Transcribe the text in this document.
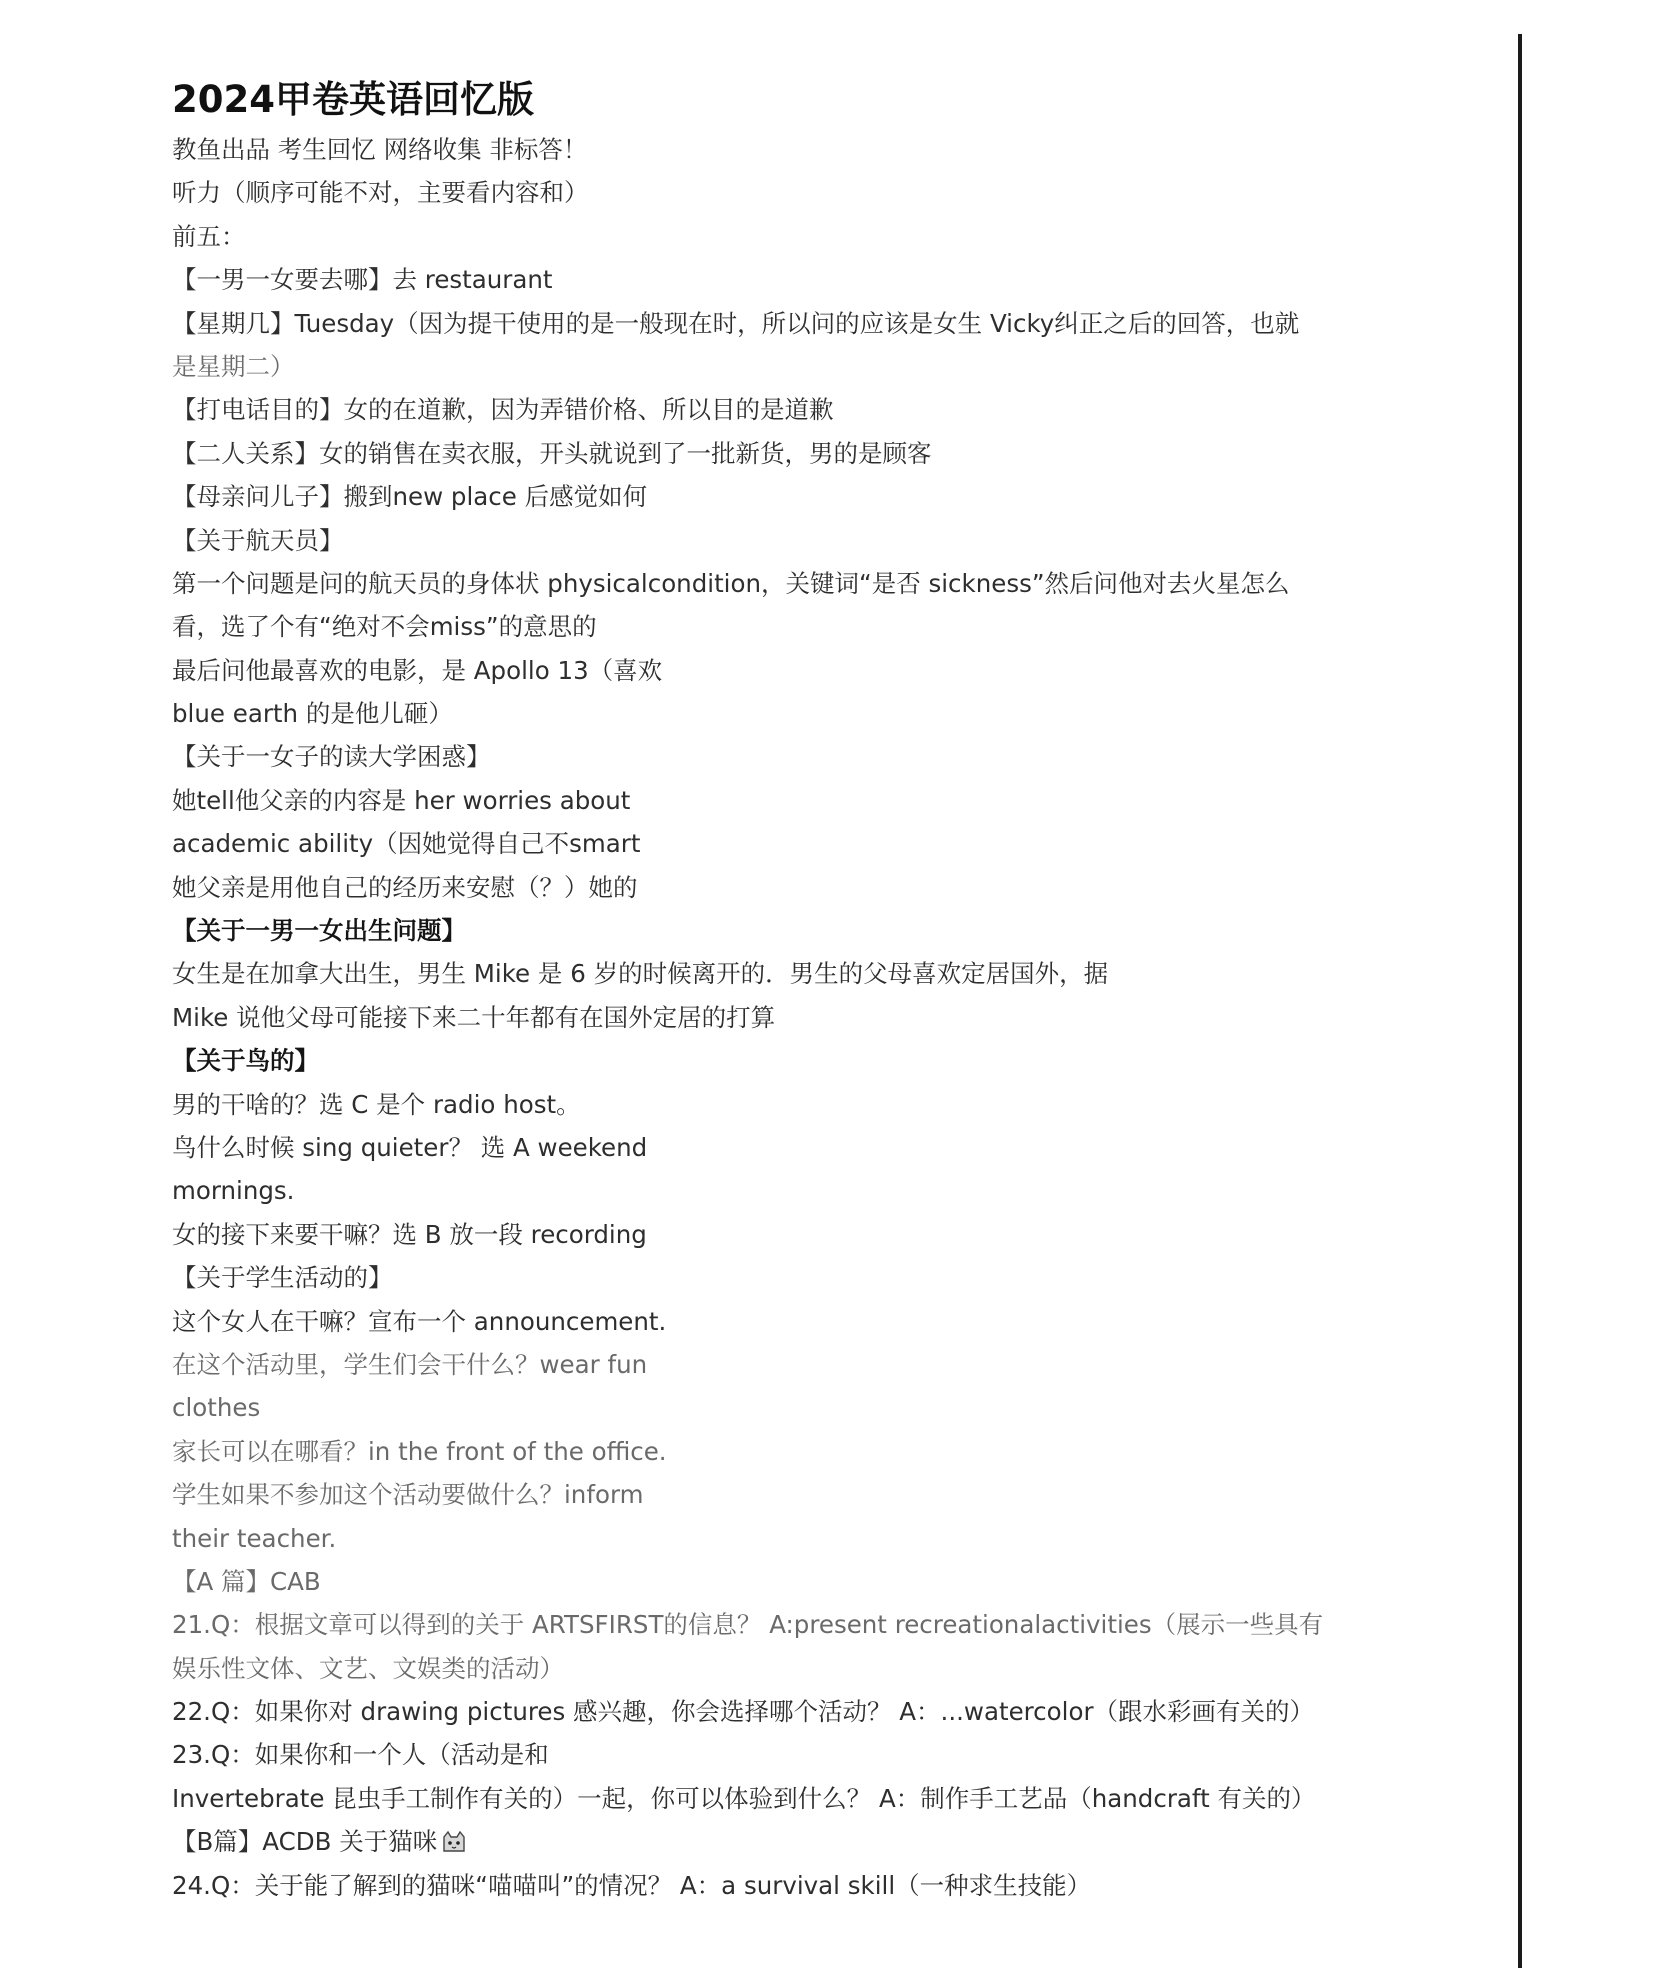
2024甲卷英语回忆版
教鱼出品 考生回忆 网络收集 非标答！
听力（顺序可能不对，主要看内容和）
前五：
【一男一女要去哪】去 restaurant
【星期几】Tuesday（因为提干使用的是一般现在时，所以问的应该是女生 Vicky纠正之后的回答，也就
是星期二）
【打电话目的】女的在道歉，因为弄错价格、所以目的是道歉
【二人关系】女的销售在卖衣服，开头就说到了一批新货，男的是顾客
【母亲问儿子】搬到new place 后感觉如何
【关于航天员】
第一个问题是问的航天员的身体状 physicalcondition，关键词“是否 sickness”然后问他对去火星怎么
看，选了个有“绝对不会miss”的意思的
最后问他最喜欢的电影，是 Apollo 13（喜欢
blue earth 的是他儿砸）
【关于一女子的读大学困惑】
她tell他父亲的内容是 her worries about
academic ability（因她觉得自己不smart
她父亲是用他自己的经历来安慰（？）她的
【关于一男一女出生问题】
女生是在加拿大出生，男生 Mike 是 6 岁的时候离开的．男生的父母喜欢定居国外，据
Mike 说他父母可能接下来二十年都有在国外定居的打算
【关于鸟的】
男的干啥的？选 C 是个 radio host。
鸟什么时候 sing quieter？ 选 A weekend
mornings.
女的接下来要干嘛？选 B 放一段 recording
【关于学生活动的】
这个女人在干嘛？宣布一个 announcement.
在这个活动里，学生们会干什么？wear fun
clothes
家长可以在哪看？in the front of the office.
学生如果不参加这个活动要做什么？inform
their teacher.
【A 篇】CAB
21.Q：根据文章可以得到的关于 ARTSFIRST的信息？ A:present recreationalactivities（展示一些具有
娱乐性文体、文艺、文娱类的活动）
22.Q：如果你对 drawing pictures 感兴趣，你会选择哪个活动？ A：...watercolor（跟水彩画有关的）
23.Q：如果你和一个人（活动是和
Invertebrate 昆虫手工制作有关的）一起，你可以体验到什么？ A：制作手工艺品（handcraft 有关的）
【B篇】ACDB 关于猫咪
24.Q：关于能了解到的猫咪“喵喵叫”的情况？ A：a survival skill（一种求生技能）
